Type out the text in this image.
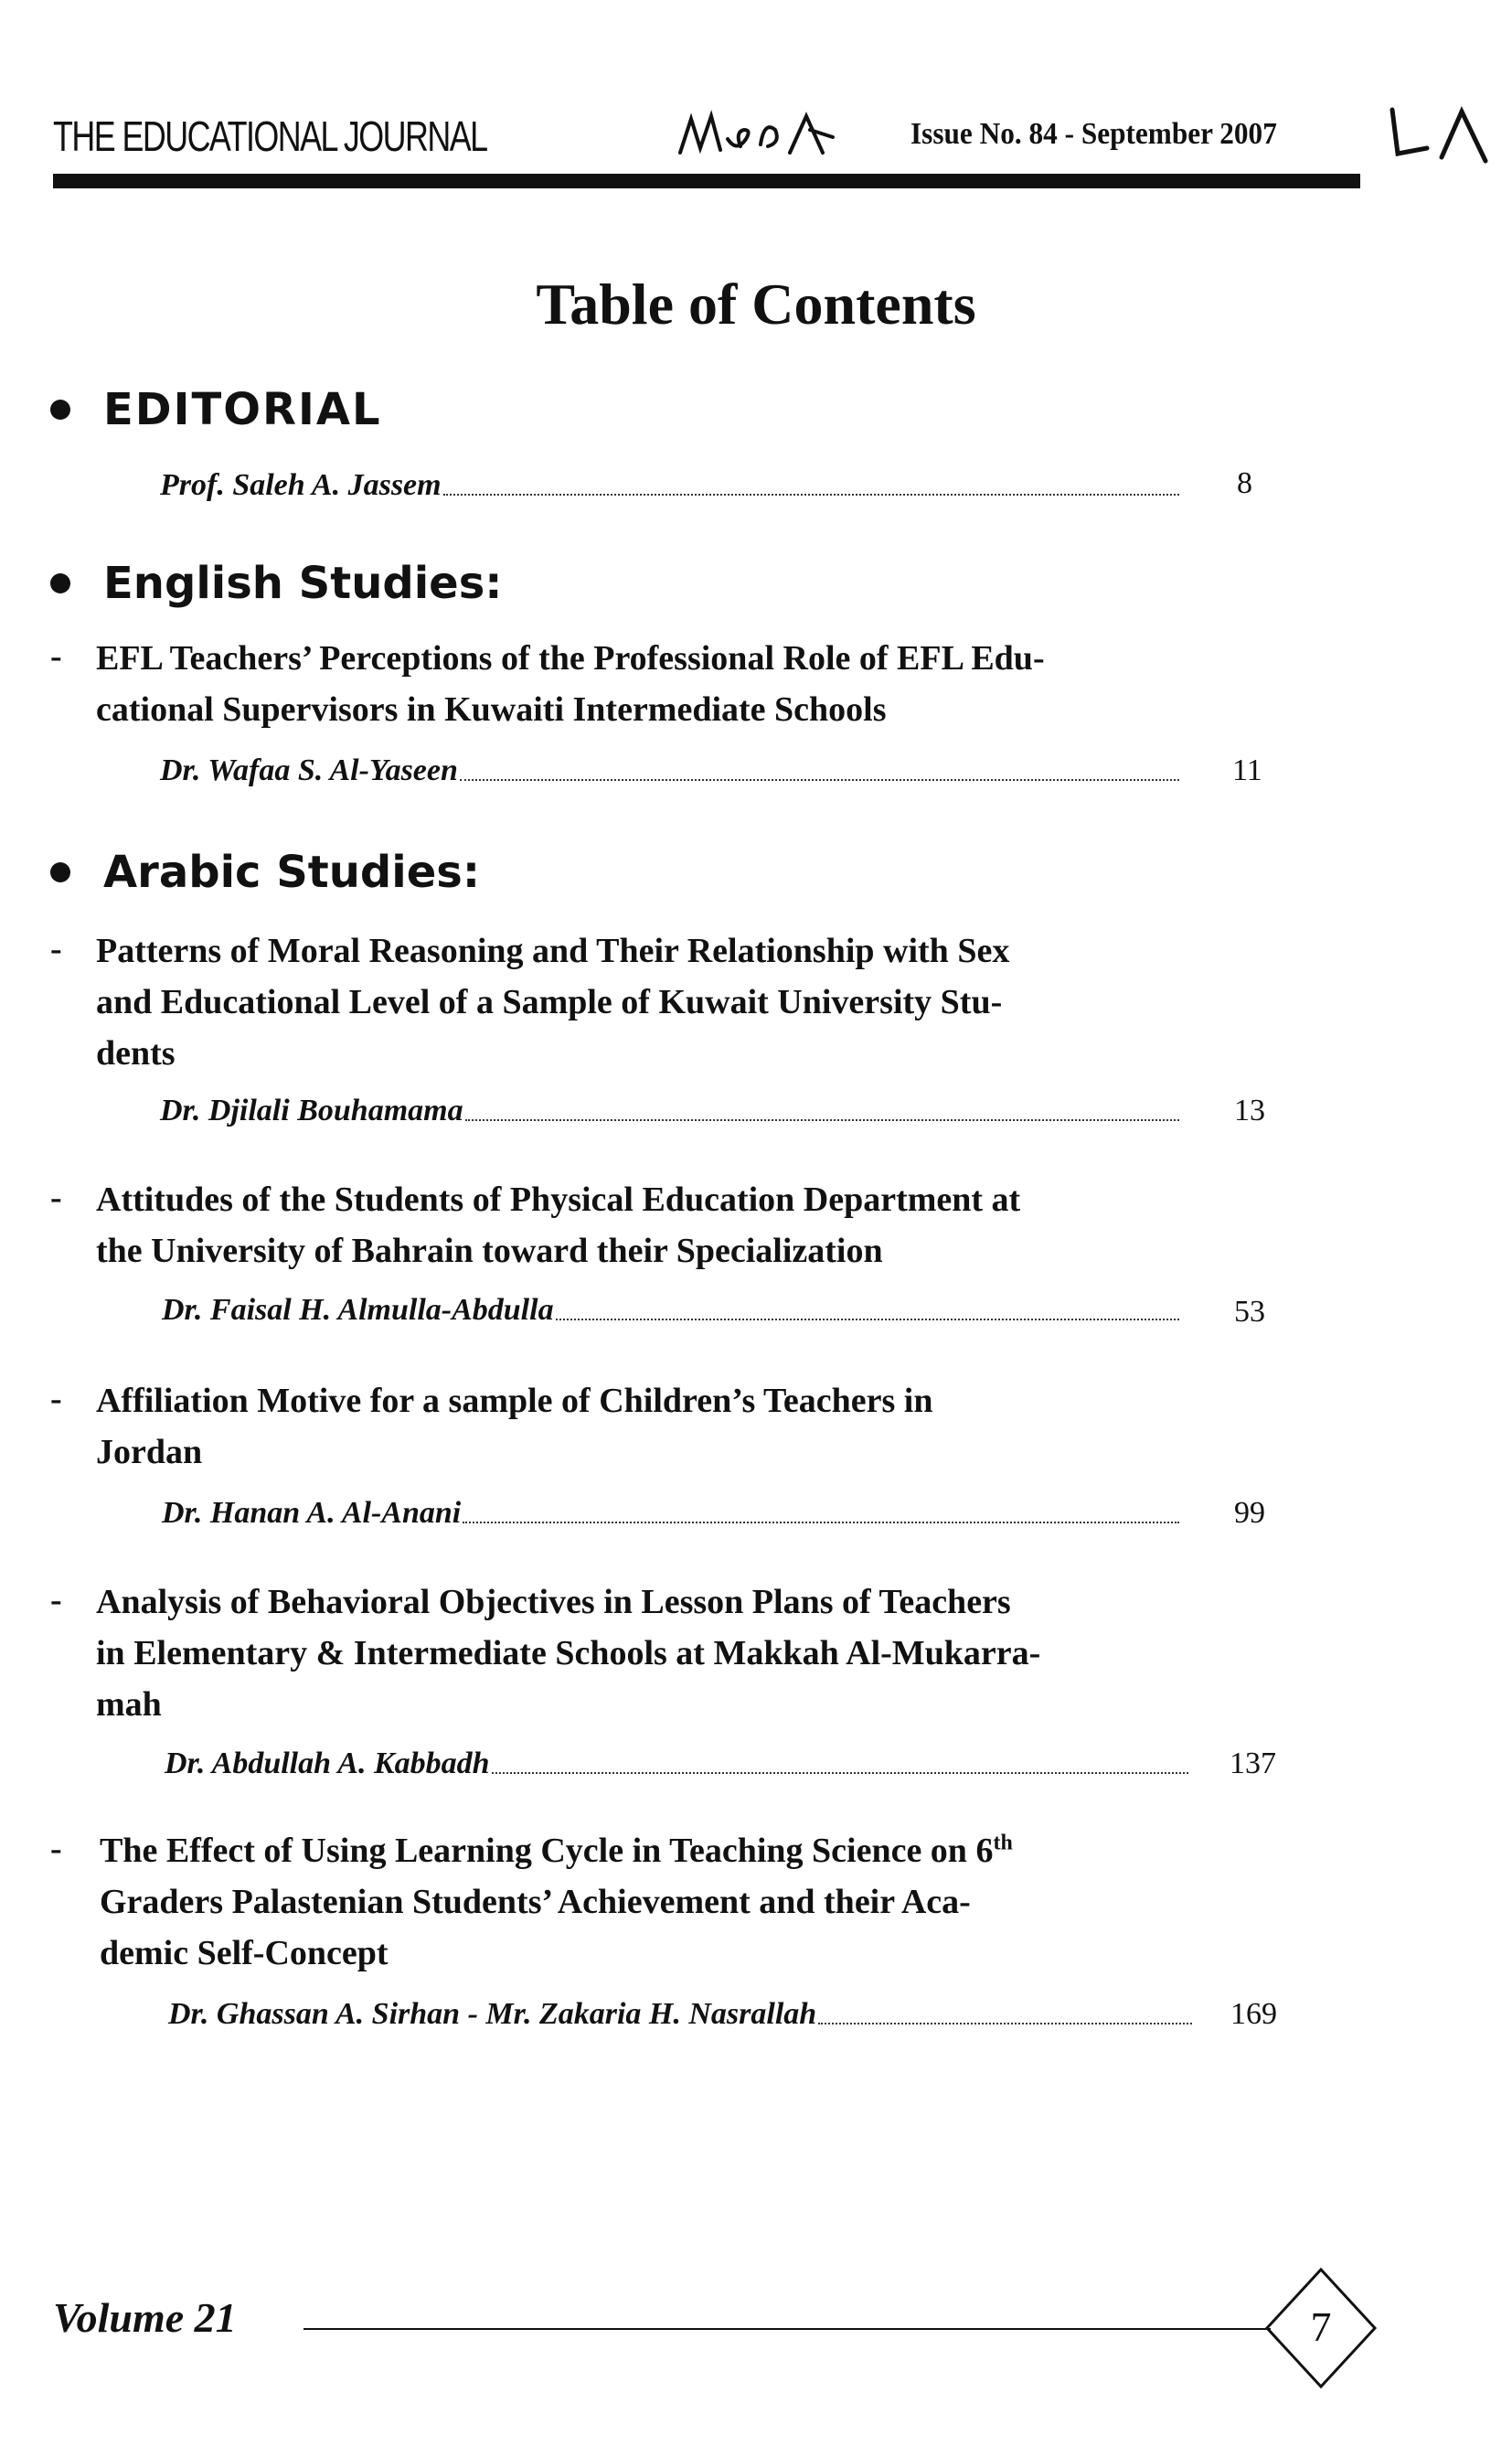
THE EDUCATIONAL JOURNAL	Issue No. 84 - September 2007
Table of Contents
EDITORIAL
Prof. Saleh A. Jassem	8
English Studies:
- EFL Teachers’ Perceptions of the Professional Role of EFL Edu-
cational Supervisors in Kuwaiti Intermediate Schools
Dr. Wafaa S. Al-Yaseen	11
Arabic Studies:
- Patterns of Moral Reasoning and Their Relationship with Sex
and Educational Level of a Sample of Kuwait University Stu-
dents
Dr. Djilali Bouhamama	13
- Attitudes of the Students of Physical Education Department at
the University of Bahrain toward their Specialization
Dr. Faisal H. Almulla-Abdulla	53
- Affiliation Motive for a sample of Children’s Teachers in
Jordan
Dr. Hanan A. Al-Anani	99
- Analysis of Behavioral Objectives in Lesson Plans of Teachers
in Elementary & Intermediate Schools at Makkah Al-Mukarra-
mah
Dr. Abdullah A. Kabbadh	137
- The Effect of Using Learning Cycle in Teaching Science on 6th
Graders Palastenian Students’ Achievement and their Aca-
demic Self-Concept
Dr. Ghassan A. Sirhan - Mr. Zakaria H. Nasrallah	169
Volume 21	7
